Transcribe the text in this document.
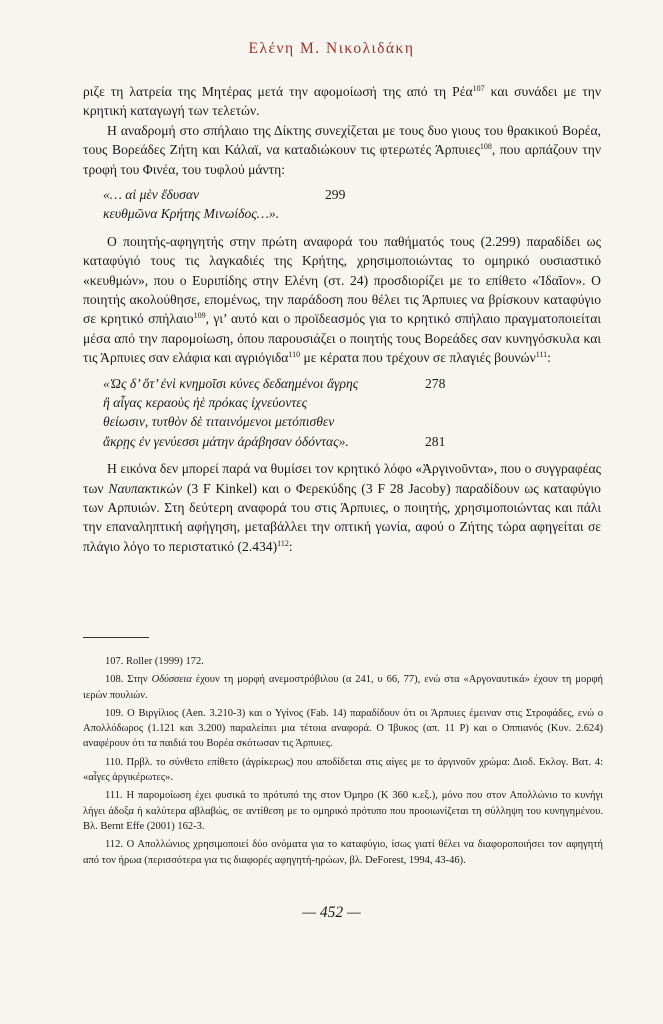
Ελένη Μ. Νικολιδάκη

ριζε τη λατρεία της Μητέρας μετά την αφομοίωσή της από τη Ρέα$^{107}$ και συνάδει με την κρητική καταγωγή των τελετών.

Η αναδρομή στο σπήλαιο της Δίκτης συνεχίζεται με τους δυο γιους του θρακικού Βορέα, τους Βορεάδες Ζήτη και Κάλαϊ, να καταδιώκουν τις φτερωτές Άρπυιες$^{108}$, που αρπάζουν την τροφή του Φινέα, του τυφλού μάντη:

«… αἱ μὲν ἔδυσαν	299
κευθμῶνα Κρήτης Μινωίδος…».

Ο ποιητής-αφηγητής στην πρώτη αναφορά του παθήματός τους (2.299) παραδίδει ως καταφύγιό τους τις λαγκαδιές της Κρήτης, χρησιμοποιώντας το ομηρικό ουσιαστικό «κευθμών», που ο Ευριπίδης στην Ελένη (στ. 24) προσδιορίζει με το επίθετο «Ἰδαῖον». Ο ποιητής ακολούθησε, επομένως, την παράδοση που θέλει τις Άρπυιες να βρίσκουν καταφύγιο σε κρητικό σπήλαιο$^{109}$, γι’ αυτό και ο προϊδεασμός για το κρητικό σπήλαιο πραγματοποιείται μέσα από την παρομοίωση, όπου παρουσιάζει ο ποιητής τους Βορεάδες σαν κυνηγόσκυλα και τις Άρπυιες σαν ελάφια και αγριόγιδα$^{110}$ με κέρατα που τρέχουν σε πλαγιές βουνών$^{111}$:

«Ὡς δ’ ὅτ’ ἐνὶ κνημοῖσι κύνες δεδαημένοι ἄγρης	278
ἢ αἶγας κεραοὺς ἠὲ πρόκας ἰχνεύοντες
θείωσιν, τυτθὸν δὲ τιταινόμενοι μετόπισθεν
ἄκρῃς ἐν γενύεσσι μάτην ἀράβησαν ὀδόντας».	281

Η εικόνα δεν μπορεί παρά να θυμίσει τον κρητικό λόφο «Ἀργινοῦντα», που ο συγγραφέας των Ναυπακτικών (3 F Kinkel) και ο Φερεκύδης (3 F 28 Jacoby) παραδίδουν ως καταφύγιο των Αρπυιών. Στη δεύτερη αναφορά του στις Άρπυιες, ο ποιητής, χρησιμοποιώντας και πάλι την επαναληπτική αφήγηση, μεταβάλλει την οπτική γωνία, αφού ο Ζήτης τώρα αφηγείται σε πλάγιο λόγο το περιστατικό $(2.434)^{112}$:

107. Roller (1999) 172.

108. Στην Οδύσσεια έχουν τη μορφή ανεμοστρόβιλου (α 241, υ 66, 77), ενώ στα «Αργοναυτικά» έχουν τη μορφή ιερών πουλιών.

109. Ο Βιργίλιος (Aen. 3.210-3) και ο Υγίνος (Fab. 14) παραδίδουν ότι οι Άρπυιες έμειναν στις Στροφάδες, ενώ ο Απολλόδωρος (1.121 και 3.200) παραλείπει μια τέτοια αναφορά. Ο Ίβυκος (απ. 11 P) και ο Οππιανός (Κυν. 2.624) αναφέρουν ότι τα παιδιά του Βορέα σκότωσαν τις Άρπυιες.

110. Πρβλ. το σύνθετο επίθετο (ἀγρίκερως) που αποδίδεται στις αίγες με το ἀργινοῦν χρώμα: Διοδ. Εκλογ. Βατ. 4: «αἶγες ἀργικέρωτες».

111. Η παρομοίωση έχει φυσικά το πρότυπό της στον Όμηρο (Κ 360 κ.εξ.), μόνο που στον Απολλώνιο το κυνήγι λήγει άδοξα ή καλύτερα αβλαβώς, σε αντίθεση με το ομηρικό πρότυπο που προοιωνίζεται τη σύλληψη του κυνηγημένου. Βλ. Bernt Effe (2001) 162-3.

112. Ο Απολλώνιος χρησιμοποιεί δύο ονόματα για το καταφύγιο, ίσως γιατί θέλει να διαφοροποιήσει τον αφηγητή από τον ήρωα (περισσότερα για τις διαφορές αφηγητή-ηρώων, βλ. DeForest, 1994, 43-46).

— 452 —
